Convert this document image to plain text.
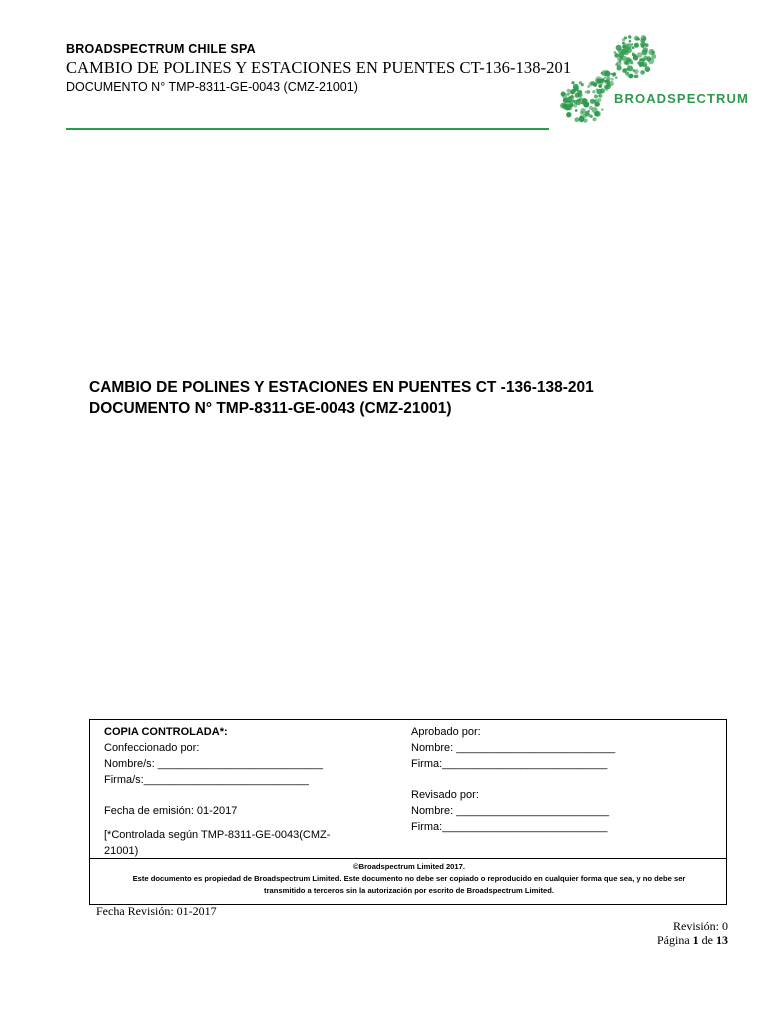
BROADSPECTRUM CHILE SPA
CAMBIO DE POLINES Y ESTACIONES EN PUENTES CT-136-138-201
DOCUMENTO N° TMP-8311-GE-0043 (CMZ-21001)
BROADSPECTRUM
CAMBIO DE POLINES Y ESTACIONES EN PUENTES CT -136-138-201
DOCUMENTO N° TMP-8311-GE-0043 (CMZ-21001)
COPIA CONTROLADA*:
Confeccionado por:
Nombre/s: ___________________________
Firma/s:___________________________
Fecha de emisión: 01-2017
[*Controlada según TMP-8311-GE-0043(CMZ-
21001)
Aprobado por:
Nombre: __________________________
Firma:___________________________
Revisado por:
Nombre: _________________________
Firma:___________________________
©Broadspectrum Limited 2017.
Este documento es propiedad de Broadspectrum Limited. Este documento no debe ser copiado o reproducido en cualquier forma que sea, y no debe ser
transmitido a terceros sin la autorización por escrito de Broadspectrum Limited.
Fecha Revisión: 01-2017
Revisión: 0
Página 1 de 13
